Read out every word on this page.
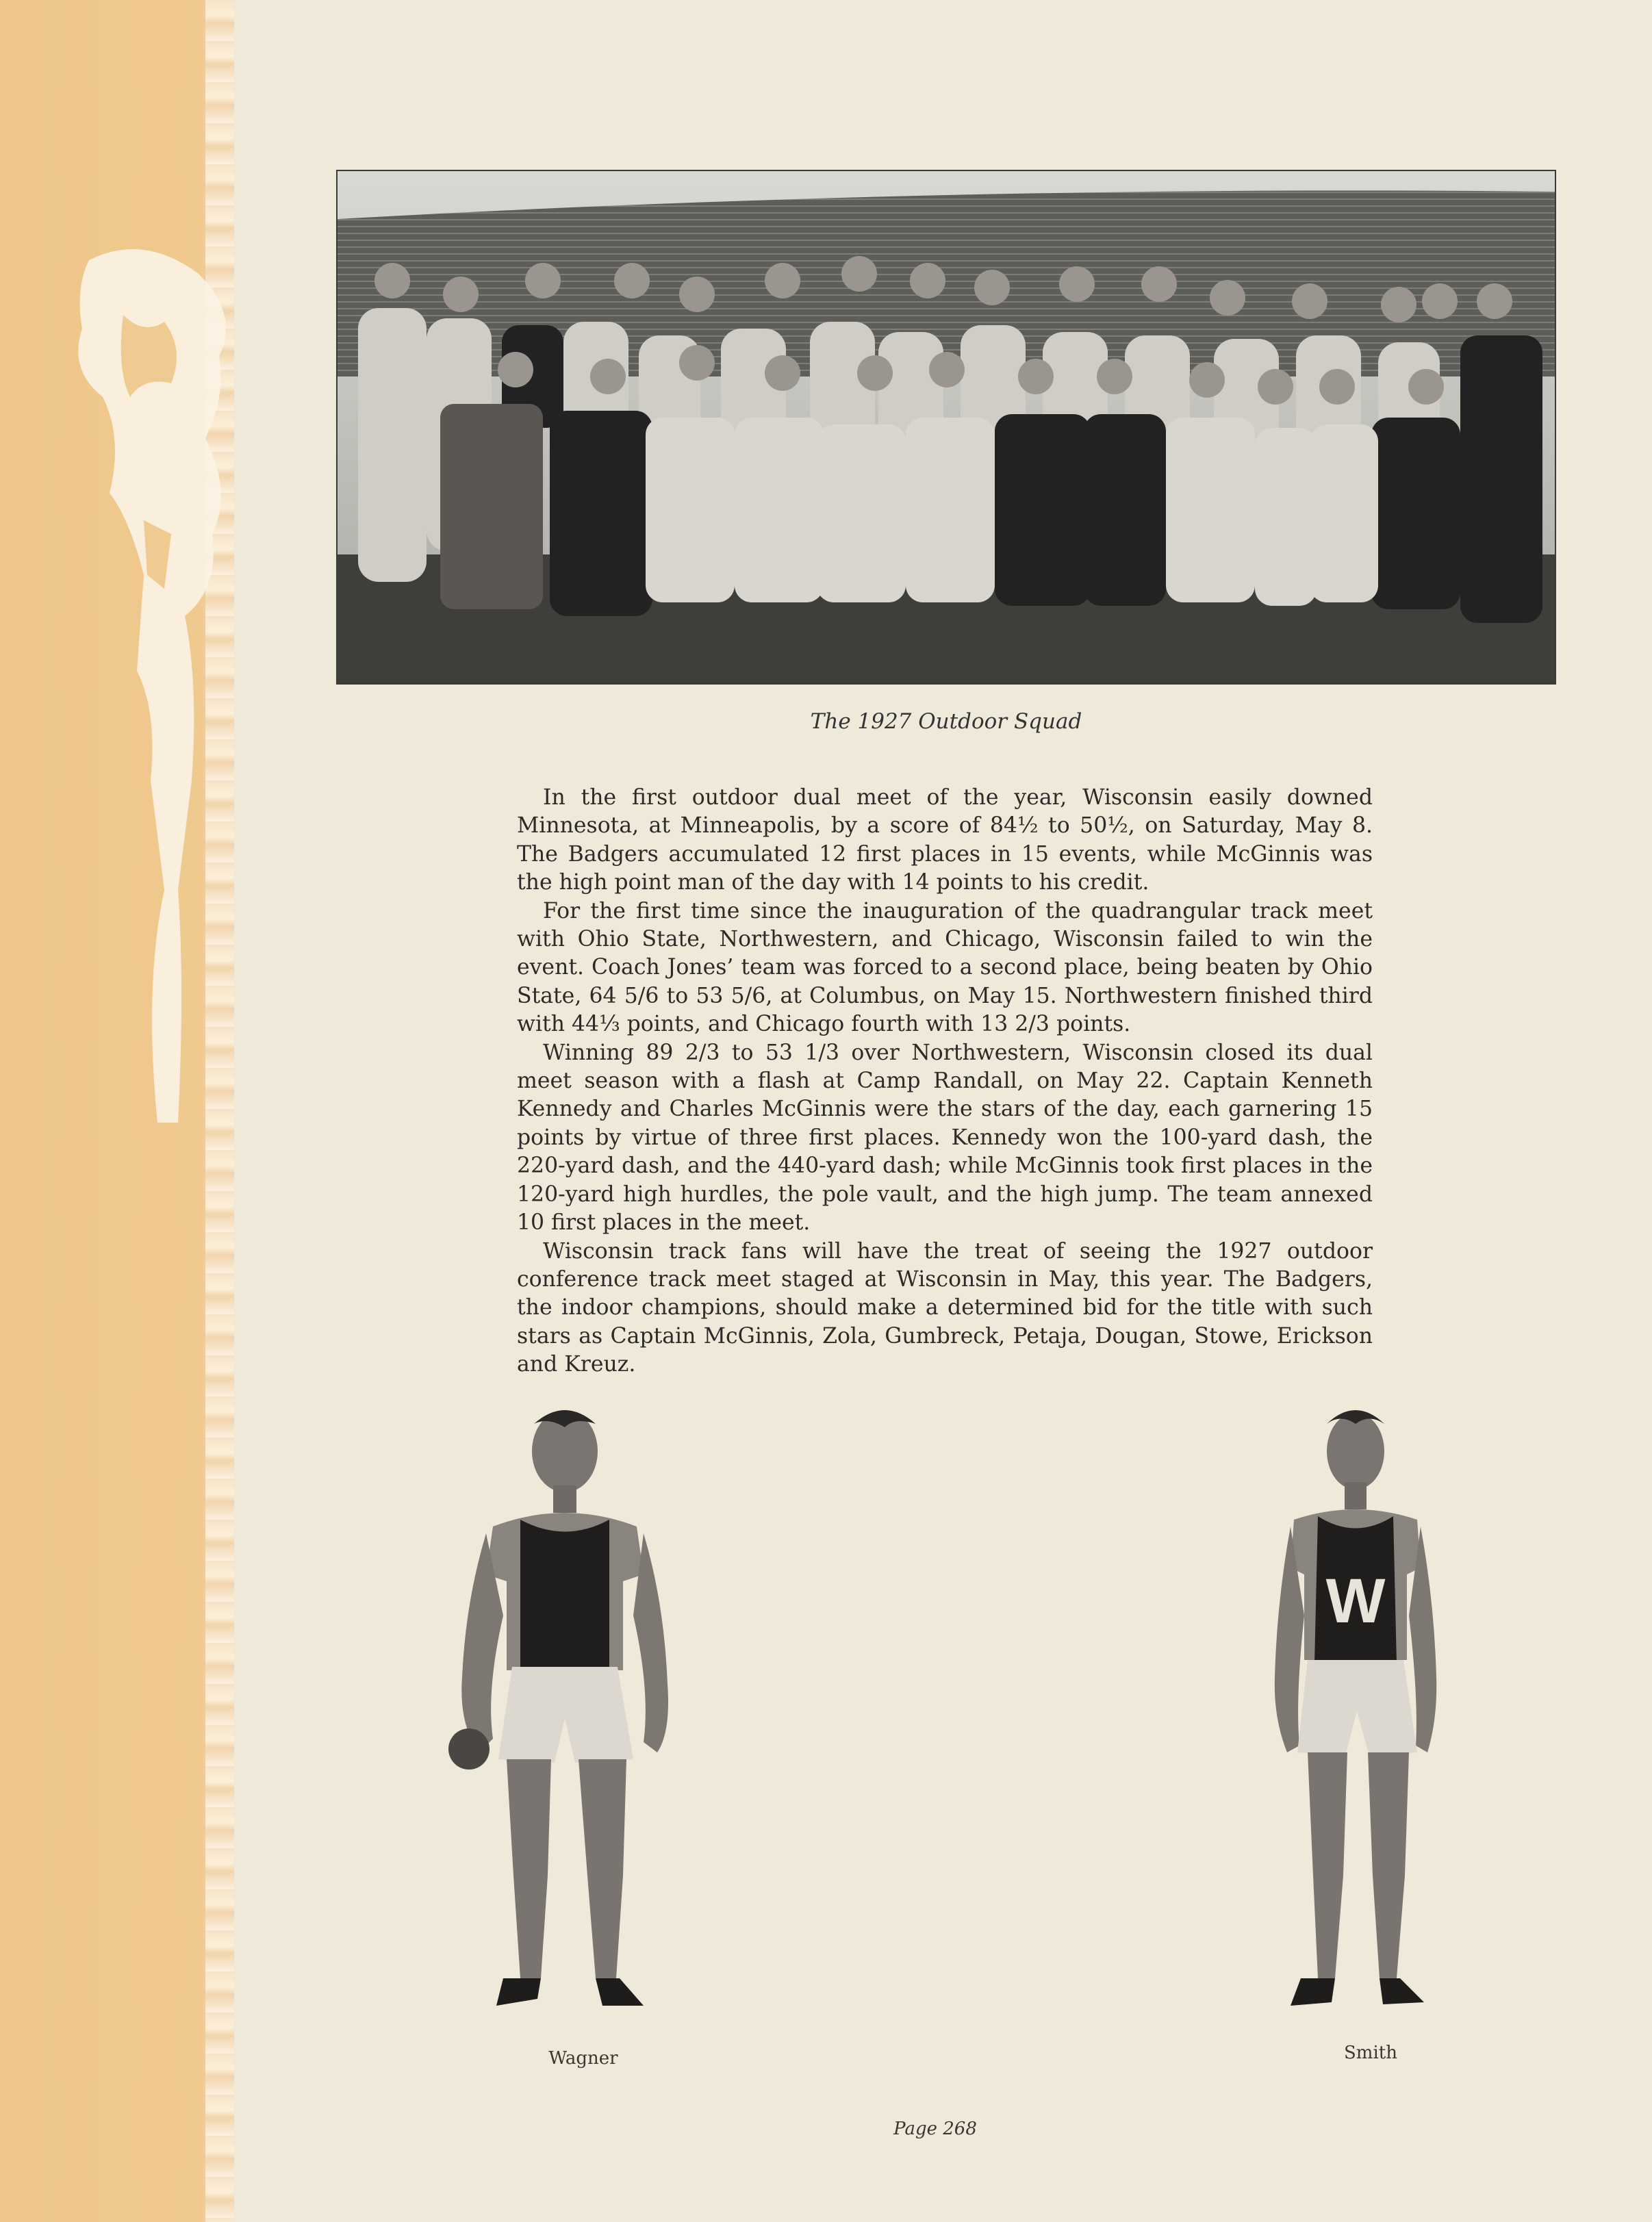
The 1927 Outdoor Squad

In the first outdoor dual meet of the year, Wisconsin easily downed Minnesota, at Minneapolis, by a score of 84½ to 50½, on Saturday, May 8. The Badgers accumulated 12 first places in 15 events, while McGinnis was the high point man of the day with 14 points to his credit.

For the first time since the inauguration of the quadrangular track meet with Ohio State, Northwestern, and Chicago, Wisconsin failed to win the event. Coach Jones’ team was forced to a second place, being beaten by Ohio State, 64 5/6 to 53 5/6, at Columbus, on May 15. Northwestern finished third with 44⅓ points, and Chicago fourth with 13 2/3 points.

Winning 89 2/3 to 53 1/3 over Northwestern, Wisconsin closed its dual meet season with a flash at Camp Randall, on May 22. Captain Kenneth Kennedy and Charles McGinnis were the stars of the day, each garnering 15 points by virtue of three first places. Kennedy won the 100-yard dash, the 220-yard dash, and the 440-yard dash; while McGinnis took first places in the 120-yard high hurdles, the pole vault, and the high jump. The team annexed 10 first places in the meet.

Wisconsin track fans will have the treat of seeing the 1927 outdoor conference track meet staged at Wisconsin in May, this year. The Badgers, the indoor champions, should make a determined bid for the title with such stars as Captain McGinnis, Zola, Gumbreck, Petaja, Dougan, Stowe, Erickson and Kreuz.

W
Wagner	Smith
Page 268
